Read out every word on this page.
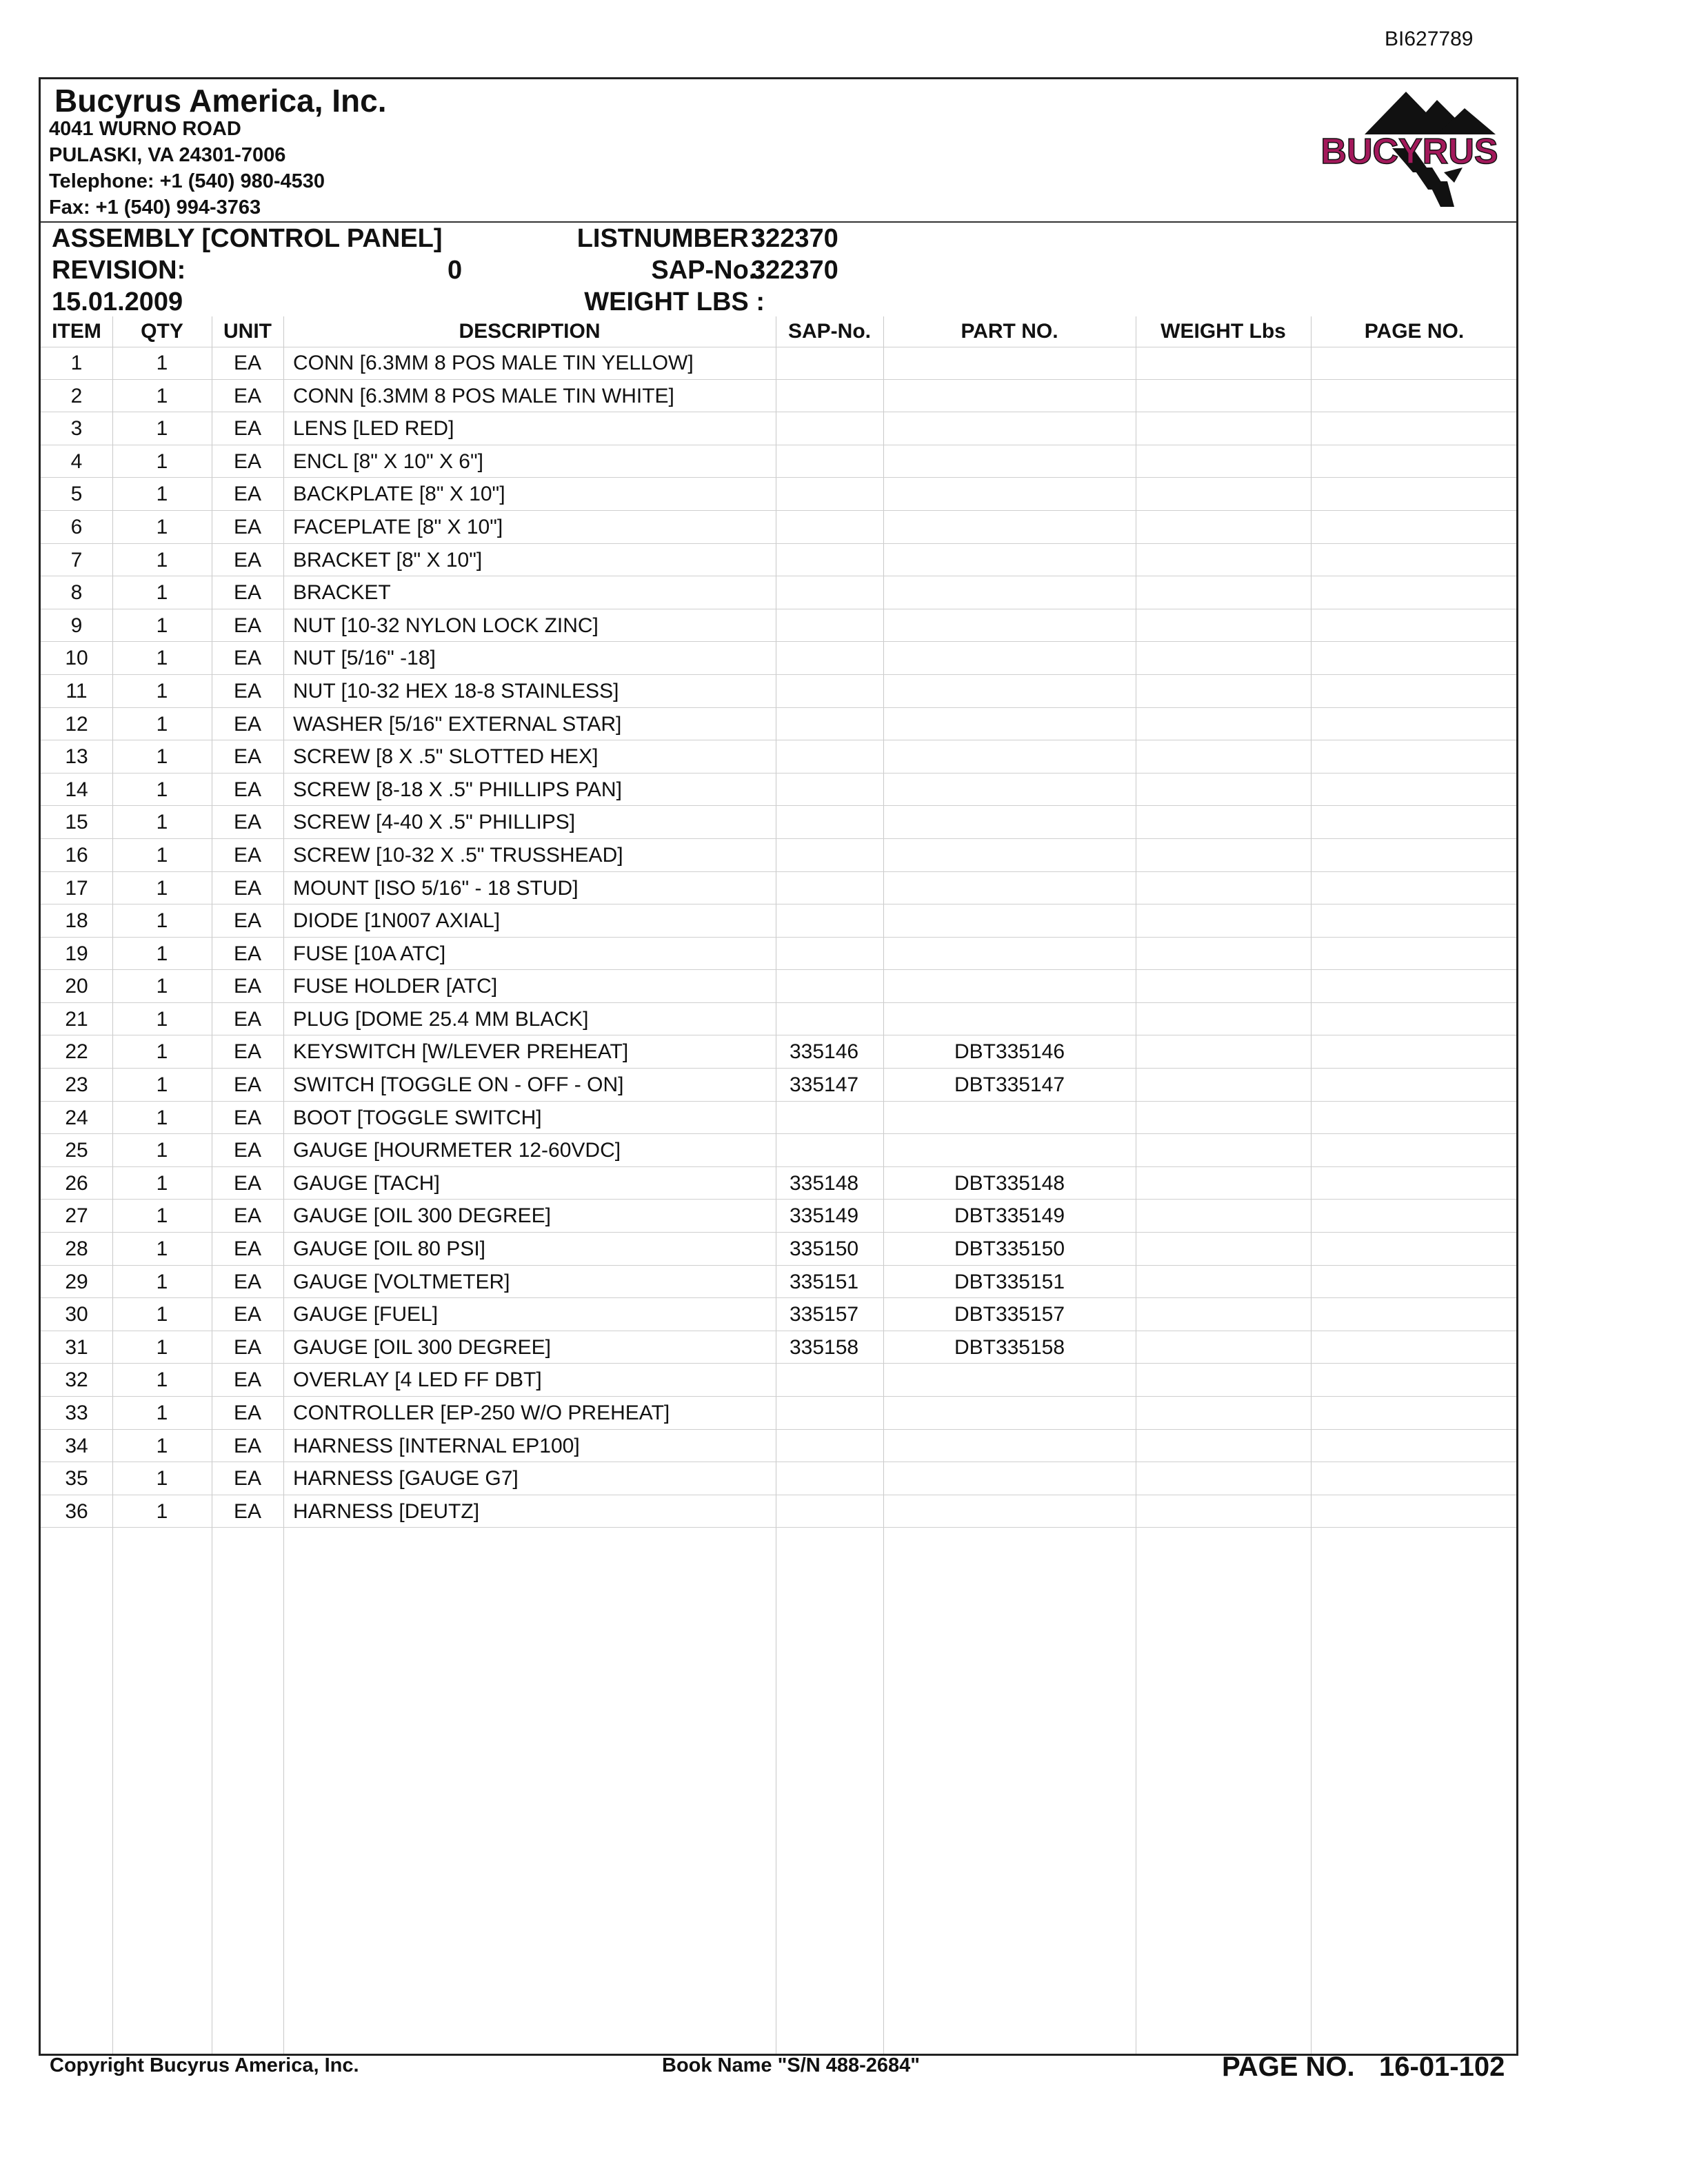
BI627789
Bucyrus America, Inc.
4041 WURNO ROAD
PULASKI, VA 24301-7006
Telephone: +1 (540) 980-4530
Fax: +1 (540) 994-3763
BUCYRUS
ASSEMBLY [CONTROL PANEL]	LISTNUMBER :
322370
REVISION:	0	SAP-No.:
322370
15.01.2009	WEIGHT LBS :
ITEM	QTY	UNIT	DESCRIPTION	SAP-No.	PART NO.	WEIGHT Lbs	PAGE NO.
1	1	EA	CONN [6.3MM 8 POS MALE TIN YELLOW]
2	1	EA	CONN [6.3MM 8 POS MALE TIN WHITE]
3	1	EA	LENS [LED RED]
4	1	EA	ENCL [8" X 10" X 6"]
5	1	EA	BACKPLATE [8" X 10"]
6	1	EA	FACEPLATE [8" X 10"]
7	1	EA	BRACKET [8" X 10"]
8	1	EA	BRACKET
9	1	EA	NUT [10-32 NYLON LOCK ZINC]
10	1	EA	NUT [5/16" -18]
11	1	EA	NUT [10-32 HEX 18-8 STAINLESS]
12	1	EA	WASHER [5/16" EXTERNAL STAR]
13	1	EA	SCREW [8 X .5" SLOTTED HEX]
14	1	EA	SCREW [8-18 X .5" PHILLIPS PAN]
15	1	EA	SCREW [4-40 X .5" PHILLIPS]
16	1	EA	SCREW [10-32 X .5" TRUSSHEAD]
17	1	EA	MOUNT [ISO 5/16" - 18 STUD]
18	1	EA	DIODE [1N007 AXIAL]
19	1	EA	FUSE [10A ATC]
20	1	EA	FUSE HOLDER [ATC]
21	1	EA	PLUG [DOME 25.4 MM BLACK]
22	1	EA	KEYSWITCH [W/LEVER PREHEAT]	335146	DBT335146
23	1	EA	SWITCH [TOGGLE ON - OFF - ON]	335147	DBT335147
24	1	EA	BOOT [TOGGLE SWITCH]
25	1	EA	GAUGE [HOURMETER 12-60VDC]
26	1	EA	GAUGE [TACH]	335148	DBT335148
27	1	EA	GAUGE [OIL 300 DEGREE]	335149	DBT335149
28	1	EA	GAUGE [OIL 80 PSI]	335150	DBT335150
29	1	EA	GAUGE [VOLTMETER]	335151	DBT335151
30	1	EA	GAUGE [FUEL]	335157	DBT335157
31	1	EA	GAUGE [OIL 300 DEGREE]	335158	DBT335158
32	1	EA	OVERLAY [4 LED FF DBT]
33	1	EA	CONTROLLER [EP-250 W/O PREHEAT]
34	1	EA	HARNESS [INTERNAL EP100]
35	1	EA	HARNESS [GAUGE G7]
36	1	EA	HARNESS [DEUTZ]
Copyright Bucyrus America, Inc.	Book Name "S/N 488-2684"	PAGE NO. 16-01-102
